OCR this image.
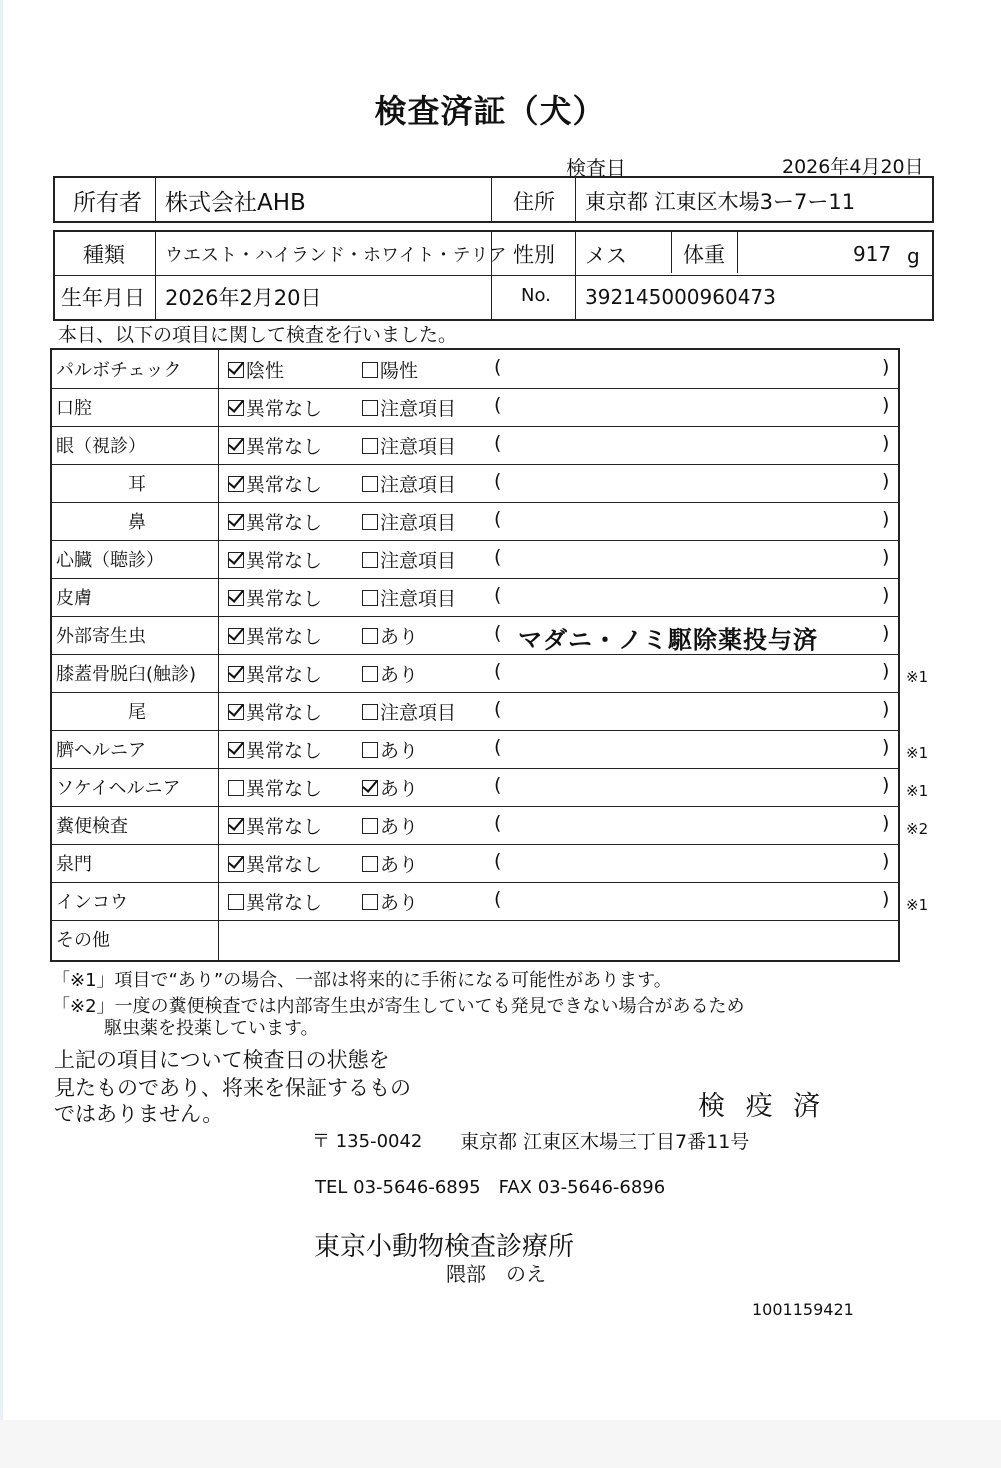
検査済証（犬）
検査日	2026年4月20日
所有者 株式会社AHB	住所 東京都 江東区木場3ー7ー11
種類 ウエスト・ハイランド・ホワイト・テリア 性別 メス	体重	917 g
生年月日 2026年2月20日	No. 392145000960473
本日、以下の項目に関して検査を行いました。
パルボチェック	陰性	陽性	(	)
口腔	異常なし	注意項目 (	)
眼（視診）	異常なし	注意項目 (	)
耳	異常なし	注意項目 (	)
鼻	異常なし	注意項目 (	)
心臓（聴診）	異常なし	注意項目 (	)
皮膚	異常なし	注意項目 (	)
外部寄生虫	異常なし	あり	( マダニ・ノミ駆除薬投与済	)
膝蓋骨脱臼(触診)	異常なし	あり	(	) ※1
尾	異常なし	注意項目 (	)
臍ヘルニア	異常なし	あり	(	) ※1
ソケイヘルニア	異常なし	あり	(	) ※1
糞便検査	異常なし	あり	(	) ※2
泉門	異常なし	あり	(	)
インコウ	異常なし	あり	(	) ※1
その他
「※1」項目で“あり”の場合、一部は将来的に手術になる可能性があります。
「※2」一度の糞便検査では内部寄生虫が寄生していても発見できない場合があるため
駆虫薬を投薬しています。
上記の項目について検査日の状態を
見たものであり、将来を保証するもの
ではありません。	検 疫 済
〒 135-0042 東京都 江東区木場三丁目7番11号
TEL 03-5646-6895　FAX 03-5646-6896
東京小動物検査診療所
隈部　のえ
1001159421
